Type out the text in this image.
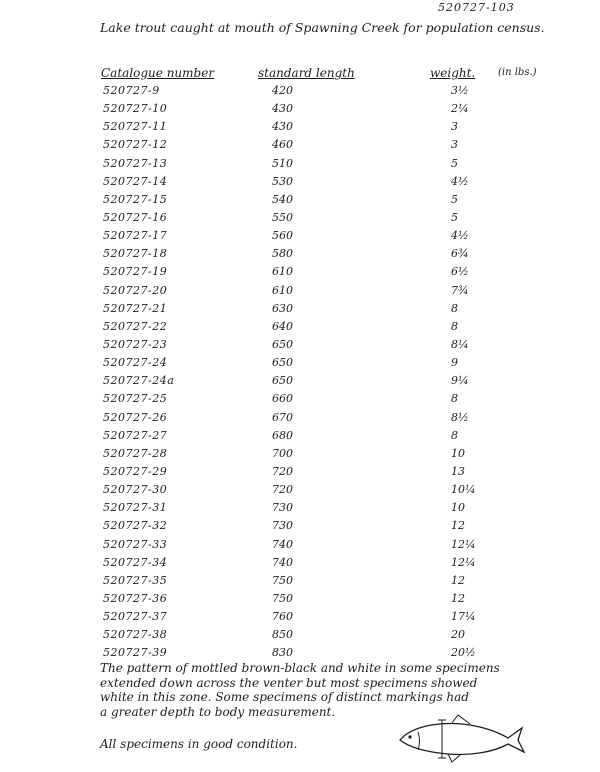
520727-103
Lake trout caught at mouth of Spawning Creek for population census.
Catalogue number	standard length	weight. (in lbs.)
520727-9	420	3½
520727-10	430	2¼
520727-11	430	3
520727-12	460	3
520727-13	510	5
520727-14	530	4½
520727-15	540	5
520727-16	550	5
520727-17	560	4½
520727-18	580	6¾
520727-19	610	6½
520727-20	610	7¾
520727-21	630	8
520727-22	640	8
520727-23	650	8¼
520727-24	650	9
520727-24a	650	9¼
520727-25	660	8
520727-26	670	8½
520727-27	680	8
520727-28	700	10
520727-29	720	13
520727-30	720	10¼
520727-31	730	10
520727-32	730	12
520727-33	740	12¼
520727-34	740	12¼
520727-35	750	12
520727-36	750	12
520727-37	760	17¼
520727-38	850	20
520727-39	830	20½

The pattern of mottled brown-black and white in some specimens

extended down across the venter but most specimens showed

white in this zone. Some specimens of distinct markings had

a greater depth to body measurement.

All specimens in good condition.
